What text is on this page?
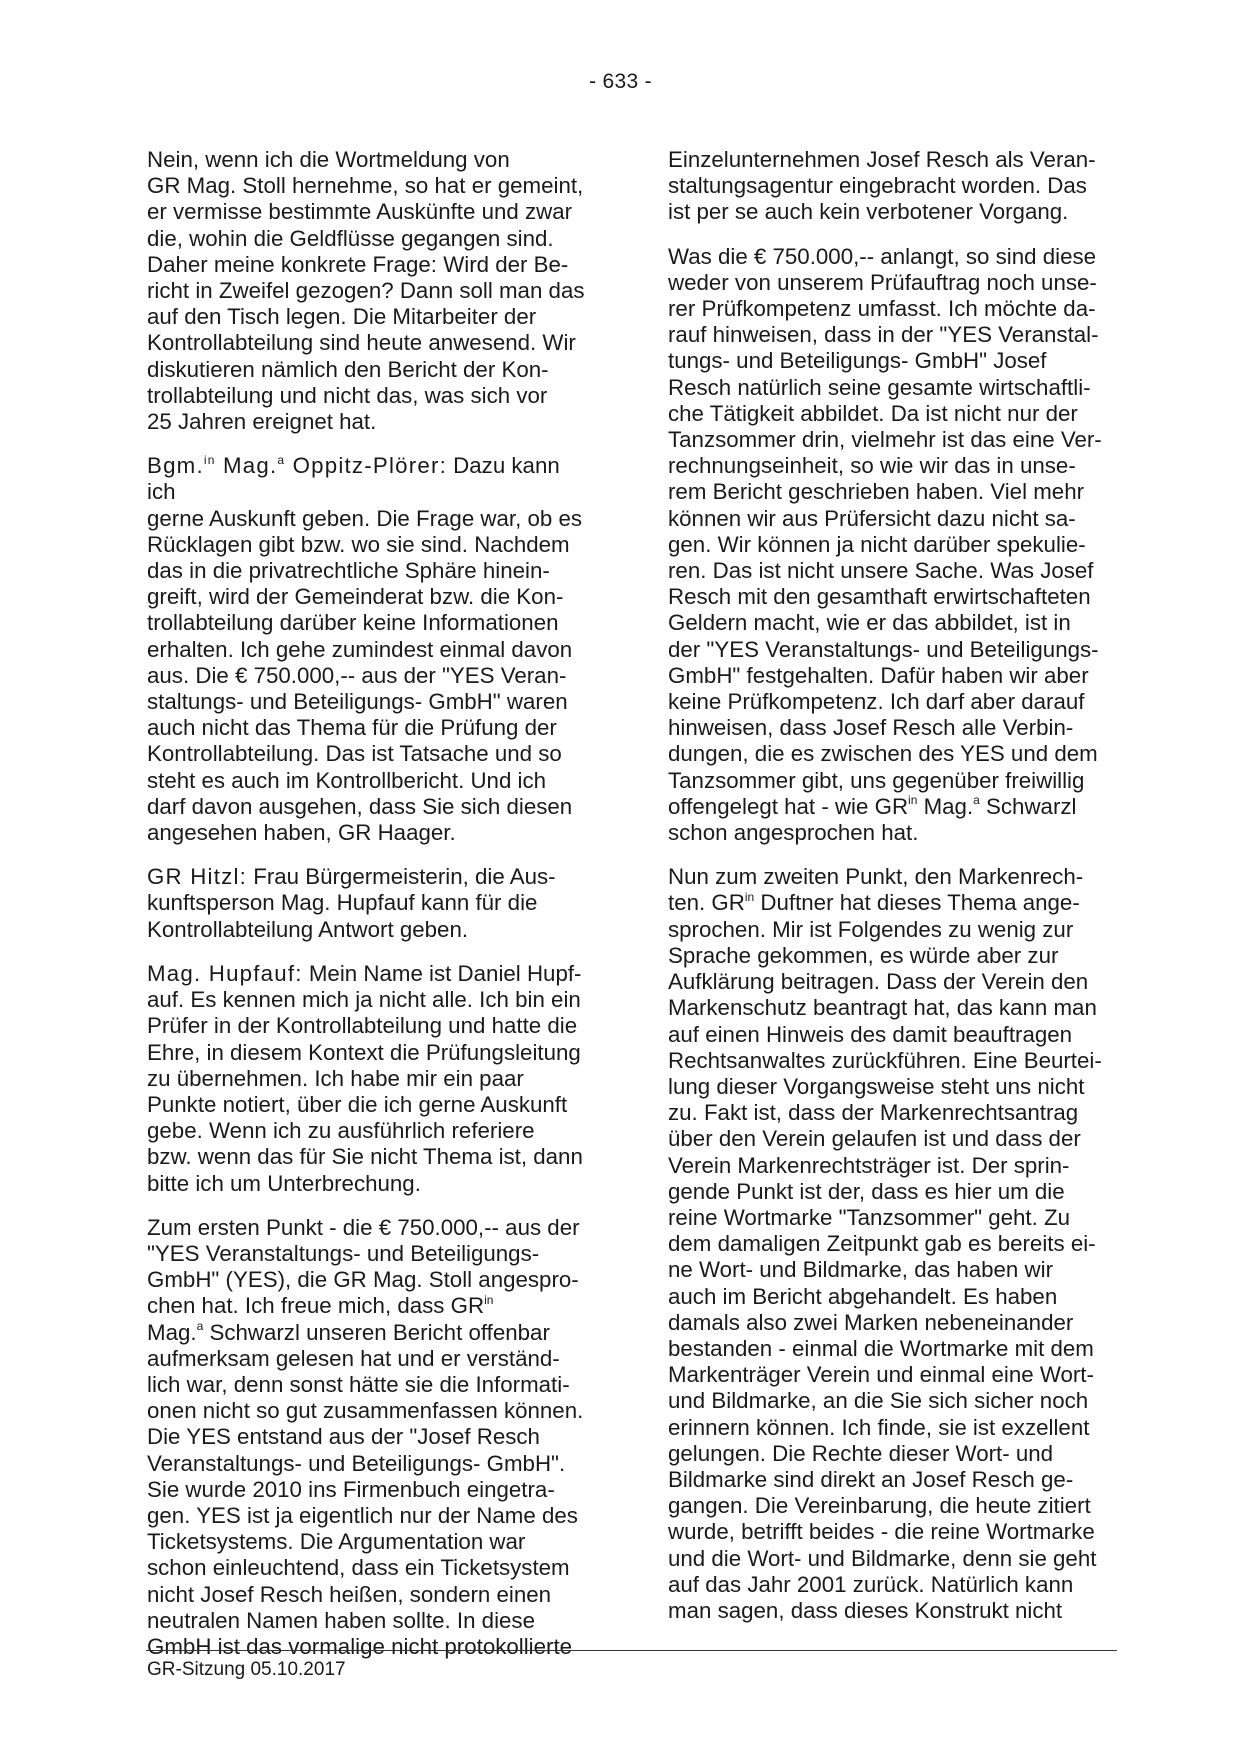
- 633 -

Nein, wenn ich die Wortmeldung von
GR Mag. Stoll hernehme, so hat er gemeint,
er vermisse bestimmte Auskünfte und zwar
die, wohin die Geldflüsse gegangen sind.
Daher meine konkrete Frage: Wird der Be-
richt in Zweifel gezogen? Dann soll man das
auf den Tisch legen. Die Mitarbeiter der
Kontrollabteilung sind heute anwesend. Wir
diskutieren nämlich den Bericht der Kon-
trollabteilung und nicht das, was sich vor
25 Jahren ereignet hat.

Bgm.$^{in}$ Mag.$^a$ Oppitz-Plörer: Dazu kann ich
gerne Auskunft geben. Die Frage war, ob es
Rücklagen gibt bzw. wo sie sind. Nachdem
das in die privatrechtliche Sphäre hinein-
greift, wird der Gemeinderat bzw. die Kon-
trollabteilung darüber keine Informationen
erhalten. Ich gehe zumindest einmal davon
aus. Die € 750.000,-- aus der "YES Veran-
staltungs- und Beteiligungs- GmbH" waren
auch nicht das Thema für die Prüfung der
Kontrollabteilung. Das ist Tatsache und so
steht es auch im Kontrollbericht. Und ich
darf davon ausgehen, dass Sie sich diesen
angesehen haben, GR Haager.

GR Hitzl: Frau Bürgermeisterin, die Aus-
kunftsperson Mag. Hupfauf kann für die
Kontrollabteilung Antwort geben.

Mag. Hupfauf: Mein Name ist Daniel Hupf-
auf. Es kennen mich ja nicht alle. Ich bin ein
Prüfer in der Kontrollabteilung und hatte die
Ehre, in diesem Kontext die Prüfungsleitung
zu übernehmen. Ich habe mir ein paar
Punkte notiert, über die ich gerne Auskunft
gebe. Wenn ich zu ausführlich referiere
bzw. wenn das für Sie nicht Thema ist, dann
bitte ich um Unterbrechung.

Zum ersten Punkt - die € 750.000,-- aus der
"YES Veranstaltungs- und Beteiligungs-
GmbH" (YES), die GR Mag. Stoll angespro-
chen hat. Ich freue mich, dass $GR^{in}$
Mag.$^a$ Schwarzl unseren Bericht offenbar
aufmerksam gelesen hat und er verständ-
lich war, denn sonst hätte sie die Informati-
onen nicht so gut zusammenfassen können.
Die YES entstand aus der "Josef Resch
Veranstaltungs- und Beteiligungs- GmbH".
Sie wurde 2010 ins Firmenbuch eingetra-
gen. YES ist ja eigentlich nur der Name des
Ticketsystems. Die Argumentation war
schon einleuchtend, dass ein Ticketsystem
nicht Josef Resch heißen, sondern einen
neutralen Namen haben sollte. In diese
GmbH ist das vormalige nicht protokollierte

Einzelunternehmen Josef Resch als Veran-
staltungsagentur eingebracht worden. Das
ist per se auch kein verbotener Vorgang.

Was die € 750.000,-- anlangt, so sind diese
weder von unserem Prüfauftrag noch unse-
rer Prüfkompetenz umfasst. Ich möchte da-
rauf hinweisen, dass in der "YES Veranstal-
tungs- und Beteiligungs- GmbH" Josef
Resch natürlich seine gesamte wirtschaftli-
che Tätigkeit abbildet. Da ist nicht nur der
Tanzsommer drin, vielmehr ist das eine Ver-
rechnungseinheit, so wie wir das in unse-
rem Bericht geschrieben haben. Viel mehr
können wir aus Prüfersicht dazu nicht sa-
gen. Wir können ja nicht darüber spekulie-
ren. Das ist nicht unsere Sache. Was Josef
Resch mit den gesamthaft erwirtschafteten
Geldern macht, wie er das abbildet, ist in
der "YES Veranstaltungs- und Beteiligungs-
GmbH" festgehalten. Dafür haben wir aber
keine Prüfkompetenz. Ich darf aber darauf
hinweisen, dass Josef Resch alle Verbin-
dungen, die es zwischen des YES und dem
Tanzsommer gibt, uns gegenüber freiwillig
offengelegt hat - wie $GR^{in}$ Mag.$^a$ Schwarzl
schon angesprochen hat.

Nun zum zweiten Punkt, den Markenrech-
ten. $GR^{in}$ Duftner hat dieses Thema ange-
sprochen. Mir ist Folgendes zu wenig zur
Sprache gekommen, es würde aber zur
Aufklärung beitragen. Dass der Verein den
Markenschutz beantragt hat, das kann man
auf einen Hinweis des damit beauftragen
Rechtsanwaltes zurückführen. Eine Beurtei-
lung dieser Vorgangsweise steht uns nicht
zu. Fakt ist, dass der Markenrechtsantrag
über den Verein gelaufen ist und dass der
Verein Markenrechtsträger ist. Der sprin-
gende Punkt ist der, dass es hier um die
reine Wortmarke "Tanzsommer" geht. Zu
dem damaligen Zeitpunkt gab es bereits ei-
ne Wort- und Bildmarke, das haben wir
auch im Bericht abgehandelt. Es haben
damals also zwei Marken nebeneinander
bestanden - einmal die Wortmarke mit dem
Markenträger Verein und einmal eine Wort-
und Bildmarke, an die Sie sich sicher noch
erinnern können. Ich finde, sie ist exzellent
gelungen. Die Rechte dieser Wort- und
Bildmarke sind direkt an Josef Resch ge-
gangen. Die Vereinbarung, die heute zitiert
wurde, betrifft beides - die reine Wortmarke
und die Wort- und Bildmarke, denn sie geht
auf das Jahr 2001 zurück. Natürlich kann
man sagen, dass dieses Konstrukt nicht

GR-Sitzung 05.10.2017
